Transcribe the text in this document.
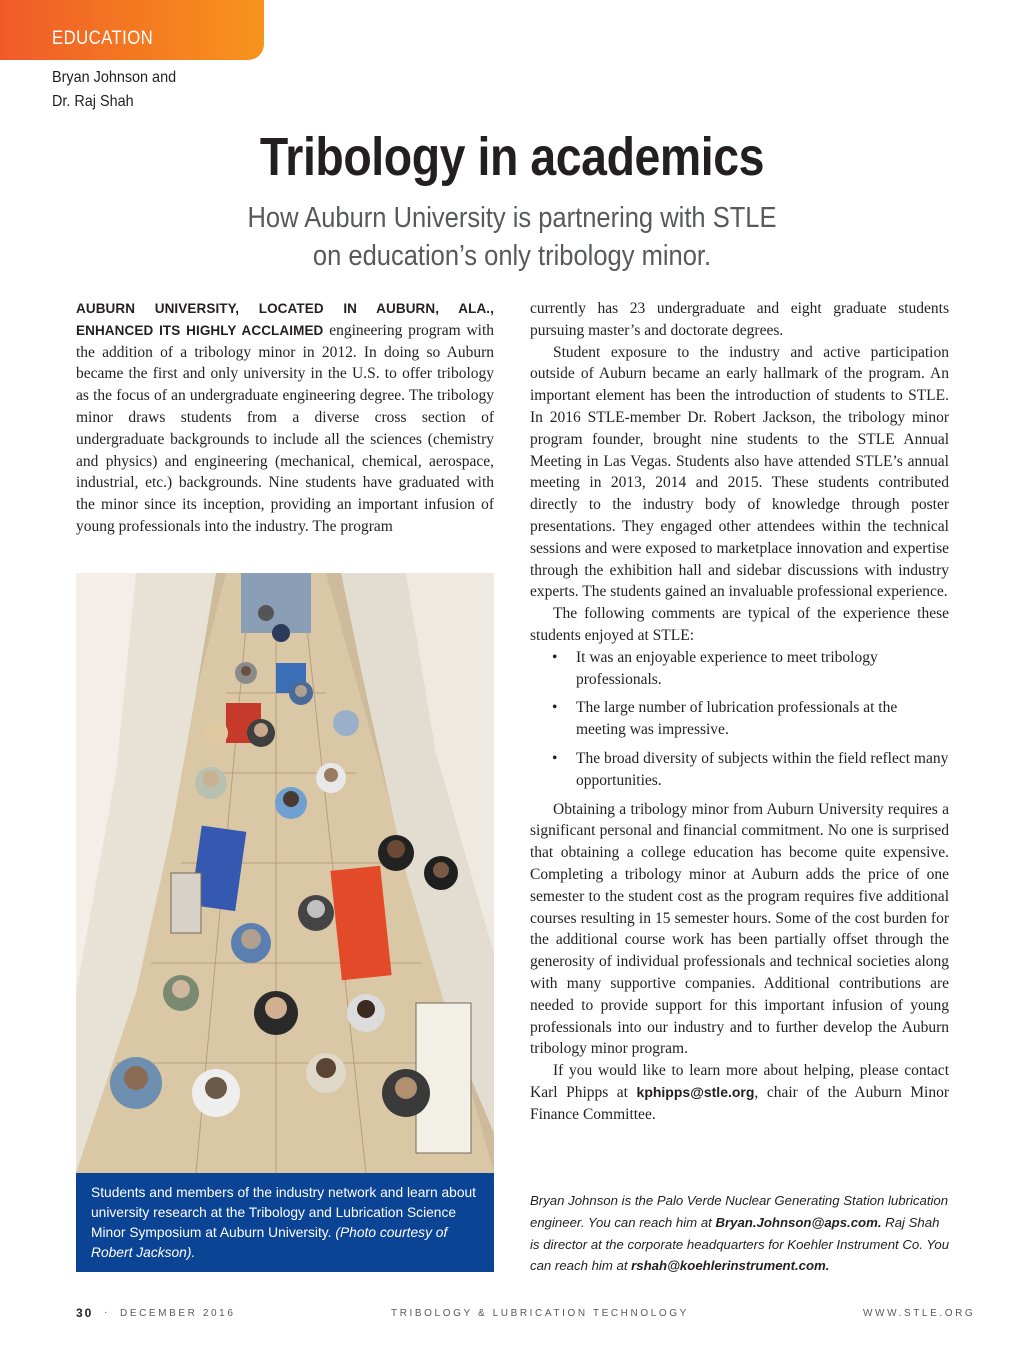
EDUCATION
Bryan Johnson and
Dr. Raj Shah
Tribology in academics
How Auburn University is partnering with STLE
on education’s only tribology minor.

AUBURN UNIVERSITY, LOCATED IN AUBURN, ALA., ENHANCED ITS HIGHLY ACCLAIMED engineering program with the addition of a tribology minor in 2012. In doing so Auburn became the first and only university in the U.S. to offer tribology as the focus of an undergraduate engineering degree. The tribology minor draws students from a diverse cross section of undergraduate backgrounds to include all the sciences (chemistry and physics) and engineering (mechanical, chemical, aerospace, industrial, etc.) backgrounds. Nine students have graduated with the minor since its inception, providing an important infusion of young professionals into the industry. The program

Students and members of the industry network and learn about university research at the Tribology and Lubrication Science Minor Symposium at Auburn University. (Photo courtesy of Robert Jackson).

currently has 23 undergraduate and eight graduate students pursuing master’s and doctorate degrees.

Student exposure to the industry and active participation outside of Auburn became an early hallmark of the program. An important element has been the introduction of students to STLE. In 2016 STLE-member Dr. Robert Jackson, the tribology minor program founder, brought nine students to the STLE Annual Meeting in Las Vegas. Students also have attended STLE’s annual meeting in 2013, 2014 and 2015. These students contributed directly to the industry body of knowledge through poster presentations. They engaged other attendees within the technical sessions and were exposed to marketplace innovation and expertise through the exhibition hall and sidebar discussions with industry experts. The students gained an invaluable professional experience.

The following comments are typical of the experience these students enjoyed at STLE:

• It was an enjoyable experience to meet tribology professionals.
• The large number of lubrication professionals at the meeting was impressive.
• The broad diversity of subjects within the field reflect many opportunities.

Obtaining a tribology minor from Auburn University requires a significant personal and financial commitment. No one is surprised that obtaining a college education has become quite expensive. Completing a tribology minor at Auburn adds the price of one semester to the student cost as the program requires five additional courses resulting in 15 semester hours. Some of the cost burden for the additional course work has been partially offset through the generosity of individual professionals and technical societies along with many supportive companies. Additional contributions are needed to provide support for this important infusion of young professionals into our industry and to further develop the Auburn tribology minor program.

If you would like to learn more about helping, please contact Karl Phipps at kphipps@stle.org, chair of the Auburn Minor Finance Committee.

Bryan Johnson is the Palo Verde Nuclear Generating Station lubrication engineer. You can reach him at Bryan.Johnson@aps.com. Raj Shah is director at the corporate headquarters for Koehler Instrument Co. You can reach him at rshah@koehlerinstrument.com.
30 · DECEMBER 2016	TRIBOLOGY & LUBRICATION TECHNOLOGY	WWW.STLE.ORG
